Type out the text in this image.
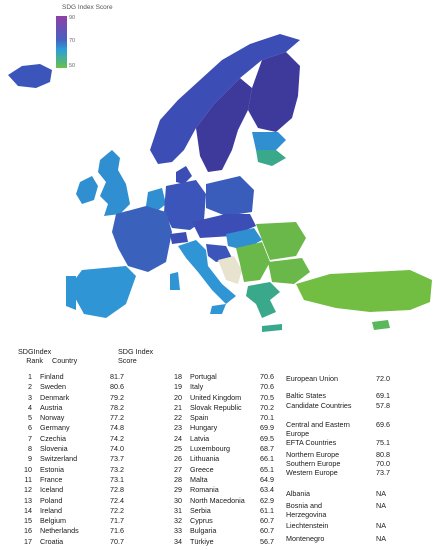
SDG Index Score
90
70
50
SDGIndex
Rank	Country
SDG Index
Score
1	Finland	81.7
2	Sweden	80.6
3	Denmark	79.2
4	Austria	78.2
5	Norway	77.2
6	Germany	74.8
7	Czechia	74.2
8	Slovenia	74.0
9	Switzerland	73.7
10	Estonia	73.2
11	France	73.1
12	Iceland	72.8
13	Poland	72.4
14	Ireland	72.2
15	Belgium	71.7
16	Netherlands	71.6
17	Croatia	70.7
18	Portugal	70.6
19	Italy	70.6
20	United Kingdom	70.5
21	Slovak Republic	70.2
22	Spain	70.1
23	Hungary	69.9
24	Latvia	69.5
25	Luxembourg	68.7
26	Lithuania	66.1
27	Greece	65.1
28	Malta	64.9
29	Romania	63.4
30	North Macedonia	62.9
31	Serbia	61.1
32	Cyprus	60.7
33	Bulgaria	60.7
34	Türkiye	56.7
European Union	72.0
Baltic States	69.1
Candidate Countries	57.8
Central and Eastern Europe
69.6
EFTA Countries	75.1
Northern Europe	80.8
Southern Europe	70.0
Western Europe	73.7
Albania	NA
Bosnia and Herzegovina
NA
Liechtenstein	NA
Montenegro	NA
